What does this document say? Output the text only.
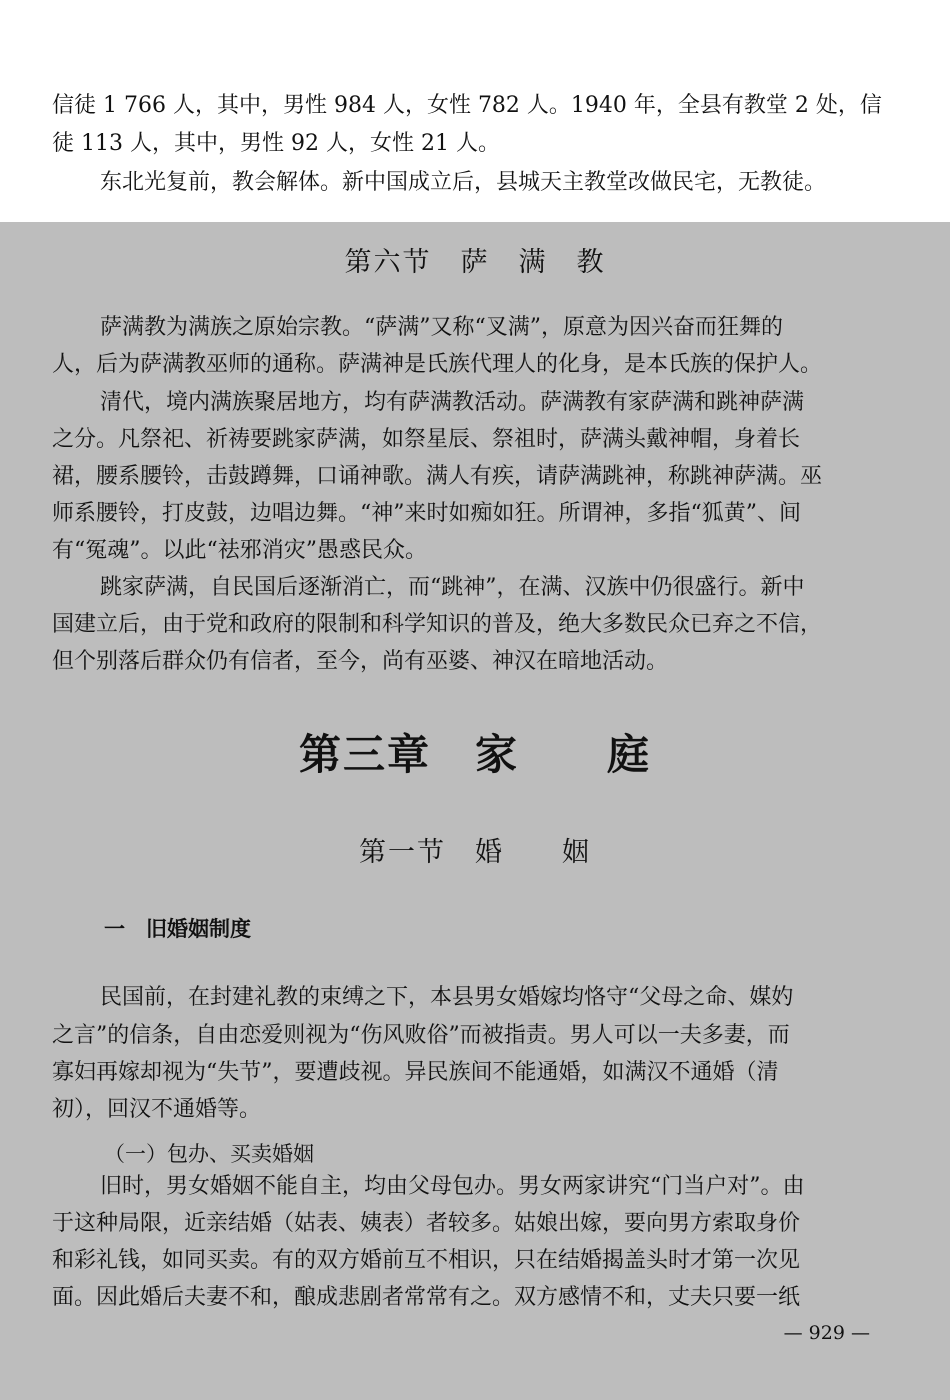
信徒 1 766 人，其中，男性 984 人，女性 782 人。1940 年，全县有教堂 2 处，信
徒 113 人，其中，男性 92 人，女性 21 人。
东北光复前，教会解体。新中国成立后，县城天主教堂改做民宅，无教徒。
第六节　萨　满　教
萨满教为满族之原始宗教。“萨满”又称“叉满”，原意为因兴奋而狂舞的
人，后为萨满教巫师的通称。萨满神是氏族代理人的化身，是本氏族的保护人。
清代，境内满族聚居地方，均有萨满教活动。萨满教有家萨满和跳神萨满
之分。凡祭祀、祈祷要跳家萨满，如祭星辰、祭祖时，萨满头戴神帽，身着长
裙，腰系腰铃，击鼓蹲舞，口诵神歌。满人有疾，请萨满跳神，称跳神萨满。巫
师系腰铃，打皮鼓，边唱边舞。“神”来时如痴如狂。所谓神，多指“狐黄”、间
有“冤魂”。以此“祛邪消灾”愚惑民众。
跳家萨满，自民国后逐渐消亡，而“跳神”，在满、汉族中仍很盛行。新中
国建立后，由于党和政府的限制和科学知识的普及，绝大多数民众已弃之不信，
但个别落后群众仍有信者，至今，尚有巫婆、神汉在暗地活动。
第三章　家　　庭
第一节　婚　　姻
一　旧婚姻制度
民国前，在封建礼教的束缚之下，本县男女婚嫁均恪守“父母之命、媒妁
之言”的信条，自由恋爱则视为“伤风败俗”而被指责。男人可以一夫多妻，而
寡妇再嫁却视为“失节”，要遭歧视。异民族间不能通婚，如满汉不通婚（清
初），回汉不通婚等。
（一）包办、买卖婚姻
旧时，男女婚姻不能自主，均由父母包办。男女两家讲究“门当户对”。由
于这种局限，近亲结婚（姑表、姨表）者较多。姑娘出嫁，要向男方索取身价
和彩礼钱，如同买卖。有的双方婚前互不相识，只在结婚揭盖头时才第一次见
面。因此婚后夫妻不和，酿成悲剧者常常有之。双方感情不和，丈夫只要一纸
— 929 —
